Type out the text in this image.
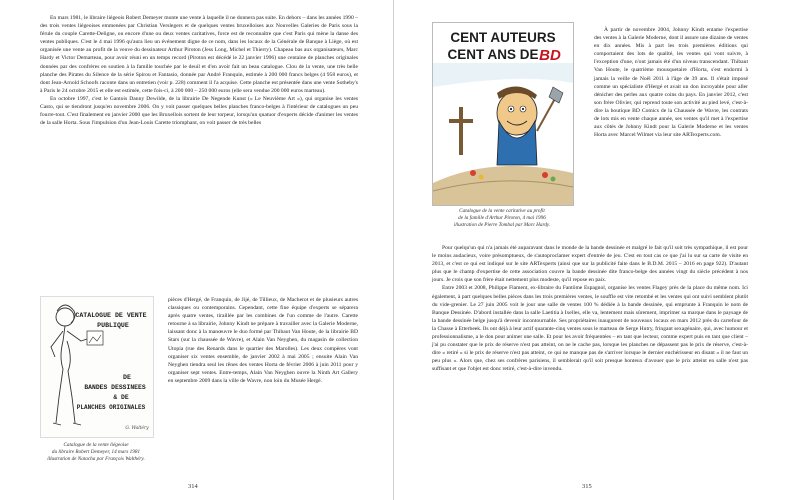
En mars 1981, le libraire liégeois Robert Demeyer monte une vente à laquelle il ne donnera pas suite. En dehors – dans les années 1990 – des trois ventes liégeoises emmenées par Christian Verslegers et de quelques ventes bruxelloises aux Nouvelles Galeries de Paris sous la férule du couple Carette-Deligne, ou encore d'une ou deux ventes caritatives, force est de reconnaître que c'est Paris qui mène la danse des ventes publiques. C'est le 4 mai 1996 qu'aura lieu un événement digne de ce nom, dans les locaux de la Générale de Banque à Liège, où est organisée une vente au profit de la veuve du dessinateur Arthur Piroton (Jess Long, Michel et Thierry). Chapeau bas aux organisateurs, Marc Hardy et Victor Demarteau, pour avoir réuni en un temps record (Piroton est décédé le 22 janvier 1996) une centaine de planches originales données par des confrères en soutien à la famille touchée par le deuil et d'en avoir fait un beau catalogue. Clou de la vente, une très belle planche des Pirates du Silence de la série Spirou et Fantasio, donnée par André Franquin, estimée à 200 000 francs belges (4 958 euros), et dont Jean-Arnold Schoofs raconte dans un entretien (voir p. 228) comment il l'a acquise. Cette planche est présentée dans une vente Sotheby's à Paris le 24 octobre 2015 et elle est estimée, cette fois-ci, à 200 000 – 250 000 euros (elle sera vendue 200 000 euros marteau).

En octobre 1997, c'est le Gantois Danny Dewilde, de la librairie De Negende Kunst (« Le Neuvième Art »), qui organise les ventes Casto, qui se tiendront jusqu'en novembre 2006. On y voit passer quelques belles planches franco-belges à l'intérieur de catalogues un peu fourre-tout. C'est finalement en janvier 2000 que les Bruxellois sortent de leur torpeur, lorsqu'un quatuor d'experts décide d'animer les ventes de la salle Horta. Sous l'impulsion d'un Jean-Louis Carette triomphant, on voit passer de très belles

CATALOGUE DE VENTE
PUBLIQUE
DE
BANDES DESSINEES
& DE
PLANCHES ORIGINALES
G. Waltéry
Catalogue de la vente liégeoise
du libraire Robert Demeyer, 14 mars 1981
illustration de Natacha par François Walthéry.

pièces d'Hergé, de Franquin, de Jijé, de Tillieux, de Macherot et de plusieurs autres classiques ou contemporains. Cependant, cette fine équipe d'experts se séparera après quatre ventes, tiraillée par les combines de l'un comme de l'autre. Carette retourne à sa librairie, Johnny Kindt ne prépare à travailler avec la Galerie Moderne, laissant donc à la manœuvre le duo formé par Thibaut Van Houte, de la librairie BD Stars (sur la chaussée de Wavre), et Alain Van Neyghen, du magasin de collection Utopia (rue des Renards dans le quartier des Marolles). Les deux compères vont organiser six ventes ensemble, de janvier 2002 à mai 2005 ; ensuite Alain Van Neyghen tiendra seul les rênes des ventes Horta de février 2006 à juin 2011 pour y organiser sept ventes. Entre-temps, Alain Van Neyghen ouvre la Ninth Art Gallery en septembre 2009 dans la ville de Wavre, non loin du Musée Hergé.

314
CENT AUTEURS
CENT ANS DE BD
Catalogue de la vente caritative au profit
de la famille d'Arthur Piroton, 4 mai 1996
illustration de Pierre Tombal par Marc Hardy.

À partir de novembre 2004, Johnny Kindt entame l'expertise des ventes à la Galerie Moderne, dont il assure une dizaine de ventes en dix années. Mis à part les trois premières éditions qui comportaient des lots de qualité, les ventes qui vont suivre, à l'exception d'une, n'ont jamais été d'un niveau transcendant. Thibaut Van Houte, le quatrième mousquetaire d'Horta, s'est endormi à jamais la veille de Noël 2011 à l'âge de 39 ans. Il s'était imposé comme un spécialiste d'Hergé et avait un don incroyable pour aller dénicher des perles aux quatre coins du pays. En janvier 2012, c'est son frère Olivier, qui reprend toute son activité au pied levé, c'est-à-dire la boutique BD Comics de la Chaussée de Wavre, les contrats de lots mis en vente chaque année, ses ventes qu'il met à l'expertise aux côtés de Johnny Kindt pour la Galerie Moderne et les ventes Horta avec Marcel Wilmet via leur site ARTexperts.com.

Pour quelqu'un qui n'a jamais été auparavant dans le monde de la bande dessinée et malgré le fait qu'il soit très sympathique, il est pour le moins audacieux, voire présomptueux, de s'autoproclamer expert d'entrée de jeu. C'est en tout cas ce que j'ai lu sur sa carte de visite en 2013, et c'est ce qui est indiqué sur le site ARTexperts (ainsi que sur la publicité faite dans le B.D.M. 2015 – 2016 en page 922). D'autant plus que le champ d'expertise de cette association couvre la bande dessinée dite franco-belge des années vingt du siècle précédent à nos jours. Je crois que son frère était nettement plus modeste, qu'il repose en paix.

Entre 2003 et 2008, Philippe Flament, ex-libraire du Fantôme Espagnol, organise les ventes Flagey près de la place du même nom. Ici également, à part quelques belles pièces dans les trois premières ventes, le souffle est vite retombé et les ventes qui ont suivi semblent plutôt du vide-grenier. Le 27 juin 2005 voit le jour une salle de ventes 100 % dédiée à la bande dessinée, qui emprunte à Franquin le nom de Banque Dessinée. D'abord installée dans la salle Laetitia à Ixelles, elle va, lentement mais sûrement, imprimer sa marque dans le paysage de la bande dessinée belge jusqu'à devenir incontournable. Ses propriétaires inaugurent de nouveaux locaux en mars 2012 près du carrefour de la Chasse à Etterbeek. Ils ont déjà à leur actif quarante-cinq ventes sous le marteau de Serge Hutry, fringant sexagénaire, qui, avec humour et professionnalisme, a le don pour animer une salle. Et pour les avoir fréquentées – en tant que lecteur, comme expert puis en tant que client – j'ai pu constater que le prix de réserve n'est pas atteint, on ne le cache pas, lorsque les planches ne dépassent pas le prix de réserve, c'est-à-dire « retiré » si le prix de réserve n'est pas atteint, ce qui ne manque pas de s'arriver lorsque le dernier enchérisseur en disant « il ne faut un peu plus ». Alors que, chez ses confrères parisiens, il semblerait qu'il soit presque honteux d'avouer que le prix atteint en salle n'est pas suffisant et que l'objet est donc retiré, c'est-à-dire invendu.

315
